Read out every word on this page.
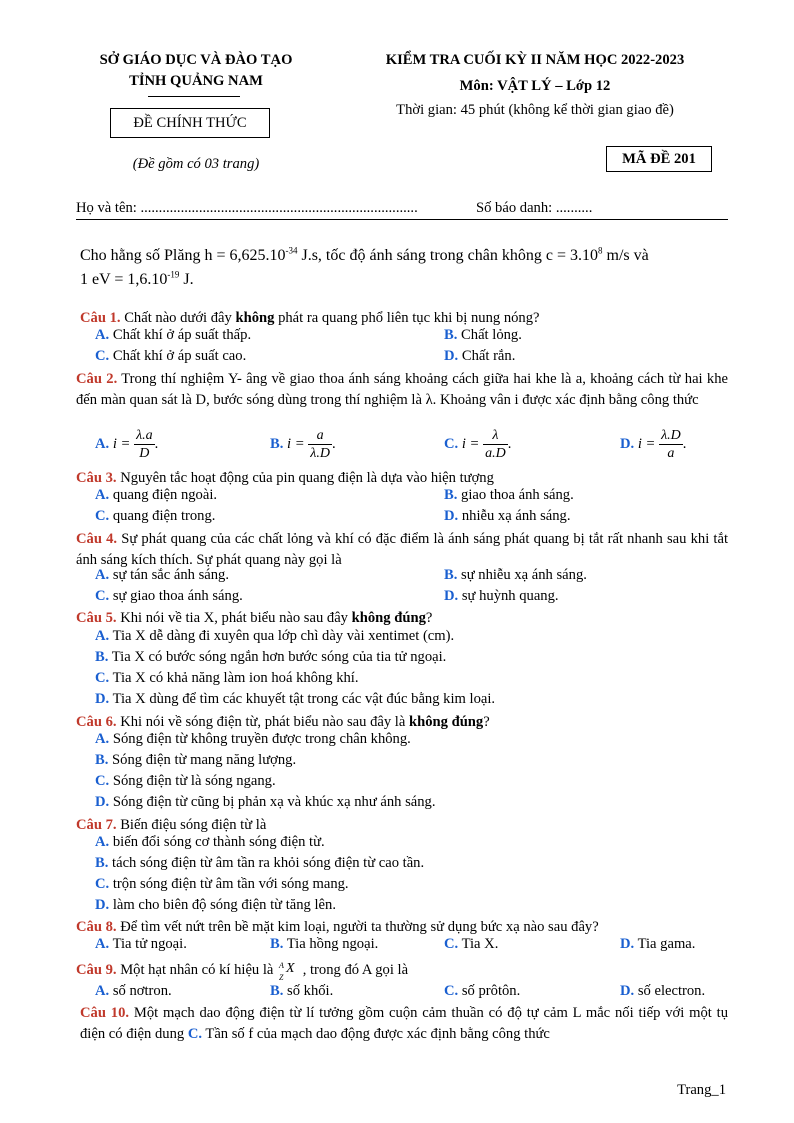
SỞ GIÁO DỤC VÀ ĐÀO TẠO
TỈNH QUẢNG NAM
ĐỀ CHÍNH THỨC
(Đề gồm có 03 trang)
KIỂM TRA CUỐI KỲ II NĂM HỌC 2022-2023
Môn: VẬT LÝ – Lớp 12
Thời gian: 45 phút (không kể thời gian giao đề)
MÃ ĐỀ 201
Họ và tên: ............................................................................	Số báo danh: ..........
Cho hằng số Plăng $h = 6,625.10^{-34}$ J.s, tốc độ ánh sáng trong chân không $c = 3.10^8$ m/s và
1 eV = $1,6.10^{-19}$ J.
Câu 1. Chất nào dưới đây không phát ra quang phổ liên tục khi bị nung nóng?
A. Chất khí ở áp suất thấp.	B. Chất lỏng.
C. Chất khí ở áp suất cao.	D. Chất rắn.
Câu 2. Trong thí nghiệm Y- âng về giao thoa ánh sáng khoảng cách giữa hai khe là a, khoảng cách từ hai khe đến màn quan sát là D, bước sóng dùng trong thí nghiệm là λ. Khoảng vân i được xác định bằng công thức
A. $i = \frac{\lambda.a}{D}$ .	B. $i = \frac{a}{\lambda.D}$ .	C. $i = \frac{\lambda}{a.D}$ .	D. $i = \frac{\lambda.D}{a}$ .
Câu 3. Nguyên tắc hoạt động của pin quang điện là dựa vào hiện tượng
A. quang điện ngoài.	B. giao thoa ánh sáng.
C. quang điện trong.	D. nhiễu xạ ánh sáng.
Câu 4. Sự phát quang của các chất lỏng và khí có đặc điểm là ánh sáng phát quang bị tắt rất nhanh sau khi tắt ánh sáng kích thích. Sự phát quang này gọi là
A. sự tán sắc ánh sáng.	B. sự nhiễu xạ ánh sáng.
C. sự giao thoa ánh sáng.	D. sự huỳnh quang.
Câu 5. Khi nói về tia X, phát biểu nào sau đây không đúng?
A. Tia X dễ dàng đi xuyên qua lớp chì dày vài xentimet (cm).
B. Tia X có bước sóng ngắn hơn bước sóng của tia tử ngoại.
C. Tia X có khả năng làm ion hoá không khí.
D. Tia X dùng để tìm các khuyết tật trong các vật đúc bằng kim loại.
Câu 6. Khi nói về sóng điện từ, phát biểu nào sau đây là không đúng?
A. Sóng điện từ không truyền được trong chân không.
B. Sóng điện từ mang năng lượng.
C. Sóng điện từ là sóng ngang.
D. Sóng điện từ cũng bị phản xạ và khúc xạ như ánh sáng.
Câu 7. Biến điệu sóng điện từ là
A. biến đổi sóng cơ thành sóng điện từ.
B. tách sóng điện từ âm tần ra khỏi sóng điện từ cao tần.
C. trộn sóng điện từ âm tần với sóng mang.
D. làm cho biên độ sóng điện từ tăng lên.
Câu 8. Để tìm vết nứt trên bề mặt kim loại, người ta thường sử dụng bức xạ nào sau đây?
A. Tia tử ngoại.	B. Tia hồng ngoại.	C. Tia X.	D. Tia gama.
Câu 9. Một hạt nhân có kí hiệu là A
Z
X , trong đó A gọi là
A. số nơtron.	B. số khối.	C. số prôtôn.	D. số electron.
Câu 10. Một mạch dao động điện từ lí tưởng gồm cuộn cảm thuần có độ tự cảm L mắc nối tiếp với một tụ điện có điện dung C. Tần số f của mạch dao động được xác định bằng công thức
Trang_1
